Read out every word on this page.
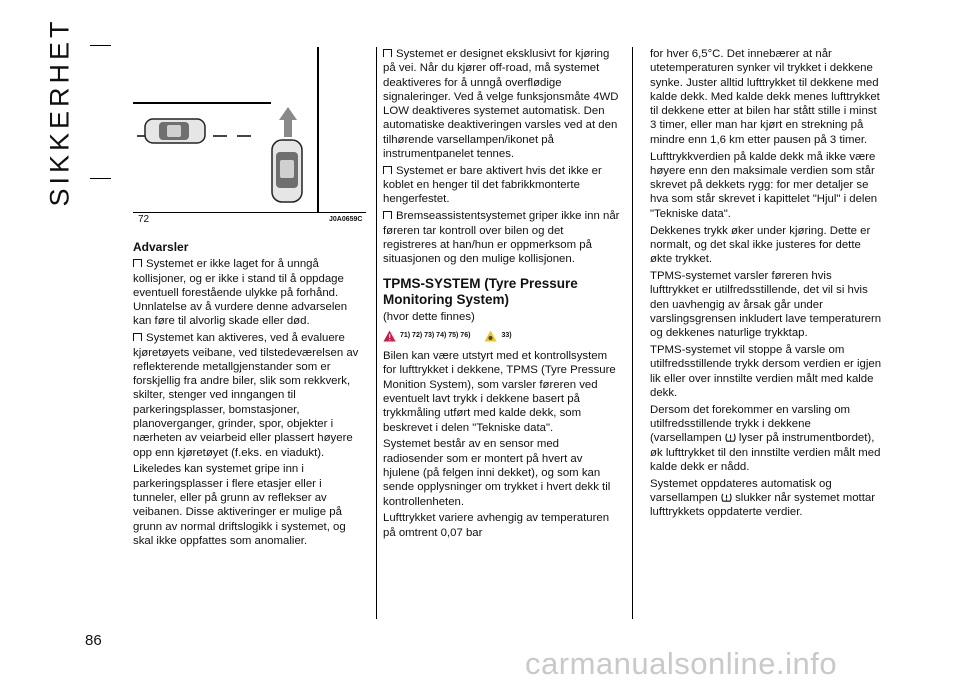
SIKKERHET
72	J0A0659C

Advarsler

Systemet er ikke laget for å unngå kollisjoner, og er ikke i stand til å oppdage eventuell forestående ulykke på forhånd. Unnlatelse av å vurdere denne advarselen kan føre til alvorlig skade eller død.

Systemet kan aktiveres, ved å evaluere kjøretøyets veibane, ved tilstedeværelsen av reflekterende metallgjenstander som er forskjellig fra andre biler, slik som rekkverk, skilter, stenger ved inngangen til parkeringsplasser, bomstasjoner, planoverganger, grinder, spor, objekter i nærheten av veiarbeid eller plassert høyere opp enn kjøretøyet (f.eks. en viadukt).

Likeledes kan systemet gripe inn i parkeringsplasser i flere etasjer eller i tunneler, eller på grunn av reflekser av veibanen. Disse aktiveringer er mulige på grunn av normal driftslogikk i systemet, og skal ikke oppfattes som anomalier.

Systemet er designet eksklusivt for kjøring på vei. Når du kjører off-road, må systemet deaktiveres for å unngå overflødige signaleringer. Ved å velge funksjonsmåte 4WD LOW deaktiveres systemet automatisk. Den automatiske deaktiveringen varsles ved at den tilhørende varsellampen/ikonet på instrumentpanelet tennes.

Systemet er bare aktivert hvis det ikke er koblet en henger til det fabrikkmonterte hengerfestet.

Bremseassistentsystemet griper ikke inn når føreren tar kontroll over bilen og det registreres at han/hun er oppmerksom på situasjonen og den mulige kollisjonen.

TPMS-SYSTEM (Tyre Pressure Monitoring System)

(hvor dette finnes)

71) 72) 73) 74) 75) 76)	33)

Bilen kan være utstyrt med et kontrollsystem for lufttrykket i dekkene, TPMS (Tyre Pressure Monition System), som varsler føreren ved eventuelt lavt trykk i dekkene basert på trykkmåling utført med kalde dekk, som beskrevet i delen "Tekniske data".

Systemet består av en sensor med radiosender som er montert på hvert av hjulene (på felgen inni dekket), og som kan sende opplysninger om trykket i hvert dekk til kontrollenheten.

Lufttrykket variere avhengig av temperaturen på omtrent 0,07 bar

for hver 6,5°C. Det innebærer at når utetemperaturen synker vil trykket i dekkene synke. Juster alltid lufttrykket til dekkene med kalde dekk. Med kalde dekk menes lufttrykket til dekkene etter at bilen har stått stille i minst 3 timer, eller man har kjørt en strekning på mindre enn 1,6 km etter pausen på 3 timer.

Lufttrykkverdien på kalde dekk må ikke være høyere enn den maksimale verdien som står skrevet på dekkets rygg: for mer detaljer se hva som står skrevet i kapittelet "Hjul" i delen "Tekniske data".

Dekkenes trykk øker under kjøring. Dette er normalt, og det skal ikke justeres for dette økte trykket.

TPMS-systemet varsler føreren hvis lufttrykket er utilfredsstillende, det vil si hvis den uavhengig av årsak går under varslingsgrensen inkludert lave temperaturern og dekkenes naturlige trykktap.

TPMS-systemet vil stoppe å varsle om utilfredsstillende trykk dersom verdien er igjen lik eller over innstilte verdien målt med kalde dekk.

Dersom det forekommer en varsling om utilfredsstillende trykk i dekkene (varsellampen lyser på instrumentbordet), øk lufttrykket til den innstilte verdien målt med kalde dekk er nådd.

Systemet oppdateres automatisk og varsellampen slukker når systemet mottar lufttrykkets oppdaterte verdier.

86
carmanualsonline.info
